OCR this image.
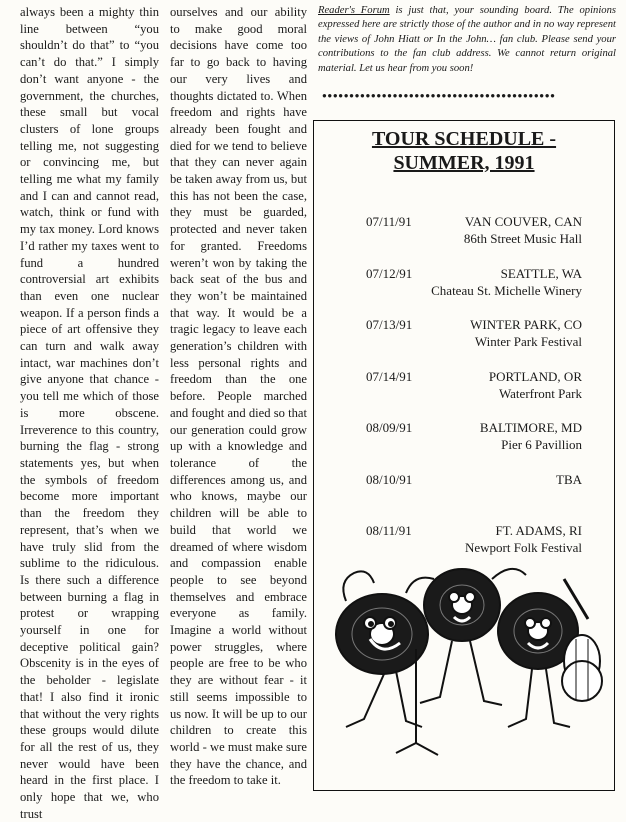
always been a mighty thin line between “you shouldn’t do that” to “you can’t do that.” I simply don’t want anyone - the government, the churches, these small but vocal clusters of lone groups telling me, not suggesting or convincing me, but telling me what my family and I can and cannot read, watch, think or fund with my tax money. Lord knows I’d rather my taxes went to fund a hundred controversial art exhibits than even one nuclear weapon. If a person finds a piece of art offensive they can turn and walk away intact, war machines don’t give anyone that chance - you tell me which of those is more obscene. Irreverence to this country, burning the flag - strong statements yes, but when the symbols of freedom become more important than the freedom they represent, that’s when we have truly slid from the sublime to the ridiculous. Is there such a difference between burning a flag in protest or wrapping yourself in one for deceptive political gain? Obscenity is in the eyes of the beholder - legislate that! I also find it ironic that without the very rights these groups would dilute for all the rest of us, they never would have been heard in the first place. I only hope that we, who trust

ourselves and our ability to make good moral decisions have come too far to go back to having our very lives and thoughts dictated to. When freedom and rights have already been fought and died for we tend to believe that they can never again be taken away from us, but this has not been the case, they must be guarded, protected and never taken for granted. Freedoms weren’t won by taking the back seat of the bus and they won’t be maintained that way. It would be a tragic legacy to leave each generation’s children with less personal rights and freedom than the one before. People marched and fought and died so that our generation could grow up with a knowledge and tolerance of the differences among us, and who knows, maybe our children will be able to build that world we dreamed of where wisdom and compassion enable people to see beyond themselves and embrace everyone as family. Imagine a world without power struggles, where people are free to be who they are without fear - it still seems impossible to us now. It will be up to our children to create this world - we must make sure they have the chance, and the freedom to take it.

Reader's Forum is just that, your sounding board. The opinions expressed here are strictly those of the author and in no way represent the views of John Hiatt or In the John… fan club. Please send your contributions to the fan club address. We cannot return original material. Let us hear from you soon!
●●●●●●●●●●●●●●●●●●●●●●●●●●●●●●●●●●●●●●●●●●●
TOUR SCHEDULE -
SUMMER, 1991
07/11/91	VAN COUVER, CAN
86th Street Music Hall
07/12/91	SEATTLE, WA
Chateau St. Michelle Winery
07/13/91	WINTER PARK, CO
Winter Park Festival
07/14/91	PORTLAND, OR
Waterfront Park
08/09/91	BALTIMORE, MD
Pier 6 Pavillion
08/10/91	TBA
08/11/91	FT. ADAMS, RI
Newport Folk Festival
